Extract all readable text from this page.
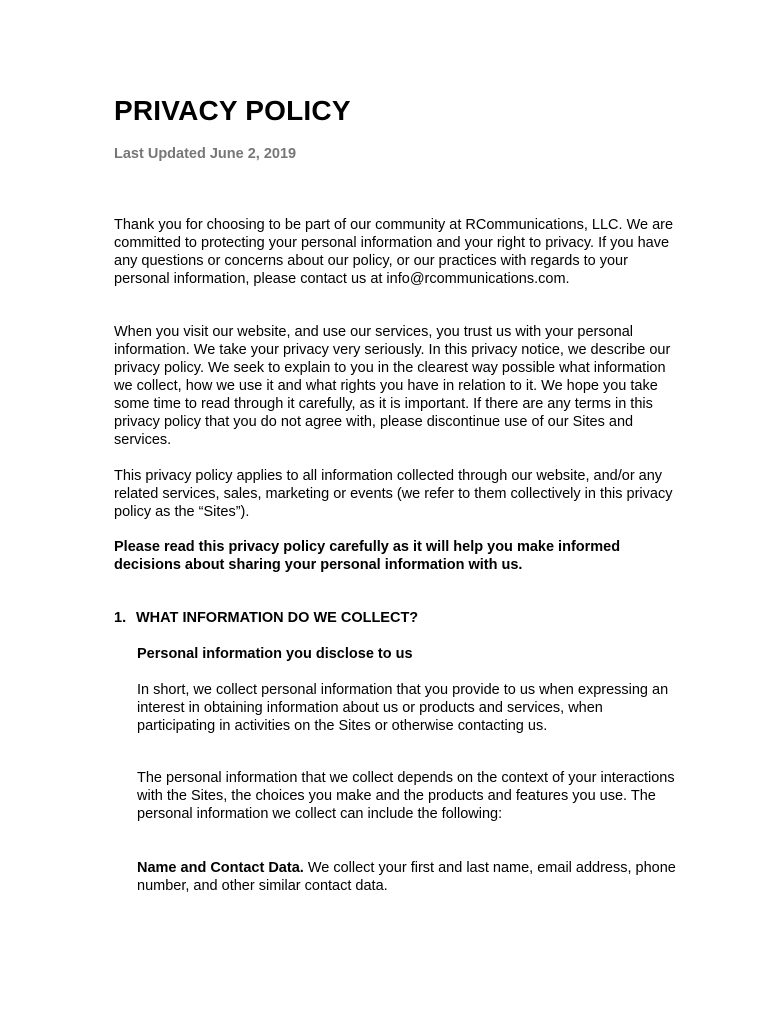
PRIVACY POLICY

Last Updated June 2, 2019

Thank you for choosing to be part of our community at RCommunications, LLC. We are committed to protecting your personal information and your right to privacy. If you have any questions or concerns about our policy, or our practices with regards to your personal information, please contact us at info@rcommunications.com.

When you visit our website, and use our services, you trust us with your personal information. We take your privacy very seriously. In this privacy notice, we describe our privacy policy. We seek to explain to you in the clearest way possible what information we collect, how we use it and what rights you have in relation to it. We hope you take some time to read through it carefully, as it is important. If there are any terms in this privacy policy that you do not agree with, please discontinue use of our Sites and services.

This privacy policy applies to all information collected through our website, and/or any related services, sales, marketing or events (we refer to them collectively in this privacy policy as the “Sites”).

Please read this privacy policy carefully as it will help you make informed decisions about sharing your personal information with us.

1. WHAT INFORMATION DO WE COLLECT?

Personal information you disclose to us

In short, we collect personal information that you provide to us when expressing an interest in obtaining information about us or products and services, when participating in activities on the Sites or otherwise contacting us.

The personal information that we collect depends on the context of your interactions with the Sites, the choices you make and the products and features you use. The personal information we collect can include the following:

Name and Contact Data. We collect your first and last name, email address, phone number, and other similar contact data.
